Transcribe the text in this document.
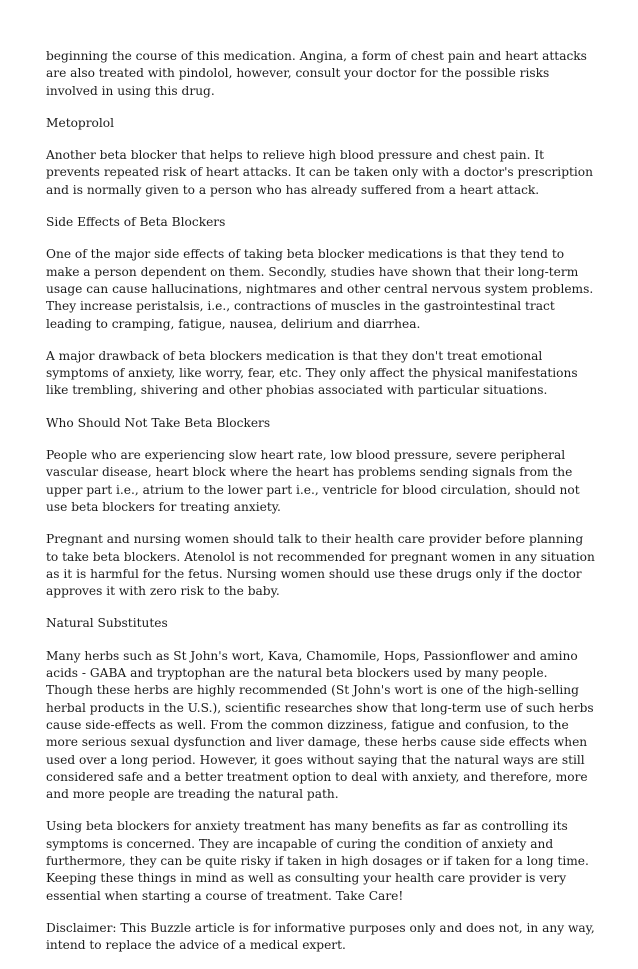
beginning the course of this medication. Angina, a form of chest pain and heart attacks are also treated with pindolol, however, consult your doctor for the possible risks involved in using this drug.

Metoprolol

Another beta blocker that helps to relieve high blood pressure and chest pain. It prevents repeated risk of heart attacks. It can be taken only with a doctor's prescription and is normally given to a person who has already suffered from a heart attack.

Side Effects of Beta Blockers

One of the major side effects of taking beta blocker medications is that they tend to make a person dependent on them. Secondly, studies have shown that their long-term usage can cause hallucinations, nightmares and other central nervous system problems. They increase peristalsis, i.e., contractions of muscles in the gastrointestinal tract leading to cramping, fatigue, nausea, delirium and diarrhea.

A major drawback of beta blockers medication is that they don't treat emotional symptoms of anxiety, like worry, fear, etc. They only affect the physical manifestations like trembling, shivering and other phobias associated with particular situations.

Who Should Not Take Beta Blockers

People who are experiencing slow heart rate, low blood pressure, severe peripheral vascular disease, heart block where the heart has problems sending signals from the upper part i.e., atrium to the lower part i.e., ventricle for blood circulation, should not use beta blockers for treating anxiety.

Pregnant and nursing women should talk to their health care provider before planning to take beta blockers. Atenolol is not recommended for pregnant women in any situation as it is harmful for the fetus. Nursing women should use these drugs only if the doctor approves it with zero risk to the baby.

Natural Substitutes

Many herbs such as St John's wort, Kava, Chamomile, Hops, Passionflower and amino acids - GABA and tryptophan are the natural beta blockers used by many people. Though these herbs are highly recommended (St John's wort is one of the high-selling herbal products in the U.S.), scientific researches show that long-term use of such herbs cause side-effects as well. From the common dizziness, fatigue and confusion, to the more serious sexual dysfunction and liver damage, these herbs cause side effects when used over a long period. However, it goes without saying that the natural ways are still considered safe and a better treatment option to deal with anxiety, and therefore, more and more people are treading the natural path.

Using beta blockers for anxiety treatment has many benefits as far as controlling its symptoms is concerned. They are incapable of curing the condition of anxiety and furthermore, they can be quite risky if taken in high dosages or if taken for a long time. Keeping these things in mind as well as consulting your health care provider is very essential when starting a course of treatment. Take Care!

Disclaimer: This Buzzle article is for informative purposes only and does not, in any way, intend to replace the advice of a medical expert.
